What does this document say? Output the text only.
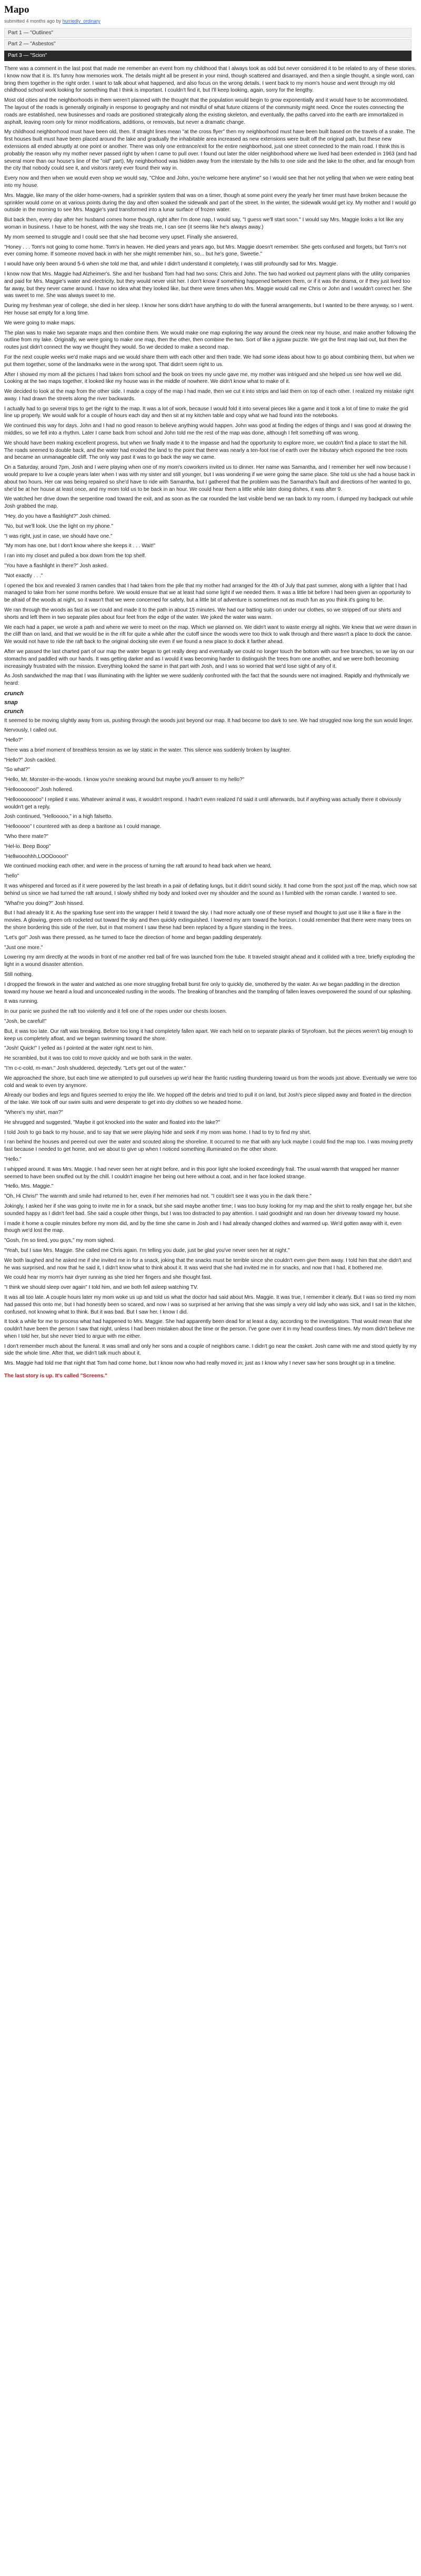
Mapo
submitted 4 months ago by hurriedly_ordinary
Part 1 — "Outlines"
Part 2 — "Asbestos"
Part 3 — "Scion"

There was a comment in the last post that made me remember an event from my childhood that I always took as odd but never considered it to be related to any of these stories. I know now that it is. It's funny how memories work. The details might all be present in your mind, though scattered and disarrayed, and then a single thought, a single word, can bring them together in the right order. I want to talk about what happened, and also focus on the wrong details. I went back to my mom's house and went through my old childhood school work looking for something that I think is important. I couldn't find it, but I'll keep looking, again, sorry for the lengthy.

Most old cities and the neighborhoods in them weren't planned with the thought that the population would begin to grow exponentially and it would have to be accommodated. The layout of the roads is generally originally in response to geography and not mindful of what future citizens of the community might need. Once the routes connecting the roads are established, new businesses and roads are positioned strategically along the existing skeleton, and eventually, the paths carved into the earth are immortalized in asphalt, leaving room only for minor modifications, additions, or removals, but never a dramatic change.

My childhood neighborhood must have been old, then. If straight lines mean "at the cross flyer" then my neighborhood must have been built based on the travels of a snake. The first houses built must have been placed around the lake and gradually the inhabitable area increased as new extensions were built off the original path, but these new extensions all ended abruptly at one point or another. There was only one entrance/exit for the entire neighborhood, just one street connected to the main road. I think this is probably the reason why my mother never passed right by when I came to pull over. I found out later the older neighborhood where we lived had been extended in 1963 (and had several more than our house's line of the "old" part). My neighborhood was hidden away from the interstate by the hills to one side and the lake to the other, and far enough from the city that nobody could see it, and visitors rarely ever found their way in.

Every now and then when we would even shop we would say, "Chloe and John, you're welcome here anytime" so I would see that her not yelling that when we were eating beat into my house.

Mrs. Maggie, like many of the older home-owners, had a sprinkler system that was on a timer, though at some point every the yearly her timer must have broken because the sprinkler would come on at various points during the day and often soaked the sidewalk and part of the street. In the winter, the sidewalk would get icy. My mother and I would go outside in the morning to see Mrs. Maggie's yard transformed into a lunar surface of frozen water.

But back then, every day after her husband comes home though, right after I'm done nap, I would say, "I guess we'll start soon." I would say Mrs. Maggie looks a lot like any woman in business. I have to be honest, with the way she treats me, I can see (it seems like he's always away.)

My mom seemed to struggle and I could see that she had become very upset. Finally she answered,

"Honey . . . Tom's not going to come home. Tom's in heaven. He died years and years ago, but Mrs. Maggie doesn't remember. She gets confused and forgets, but Tom's not ever coming home. If someone moved back in with her she might remember him, so... but he's gone, Sweetie."

I would have only been around 5-6 when she told me that, and while I didn't understand it completely, I was still profoundly sad for Mrs. Maggie.

I know now that Mrs. Maggie had Alzheimer's. She and her husband Tom had had two sons: Chris and John. The two had worked out payment plans with the utility companies and paid for Mrs. Maggie's water and electricity, but they would never visit her. I don't know if something happened between them, or if it was the drama, or if they just lived too far away, but they never came around. I have no idea what they looked like, but there were times when Mrs. Maggie would call me Chris or John and I wouldn't correct her. She was sweet to me. She was always sweet to me.

During my freshman year of college, she died in her sleep. I know her sons didn't have anything to do with the funeral arrangements, but I wanted to be there anyway, so I went. Her house sat empty for a long time.

We were going to make maps.

The plan was to make two separate maps and then combine them. We would make one map exploring the way around the creek near my house, and make another following the outline from my lake. Originally, we were going to make one map, then the other, then combine the two. Sort of like a jigsaw puzzle. We got the first map laid out, but then the routes just didn't connect the way we thought they would. So we decided to make a second map.

For the next couple weeks we'd make maps and we would share them with each other and then trade. We had some ideas about how to go about combining them, but when we put them together, some of the landmarks were in the wrong spot. That didn't seem right to us.

After I showed my mom all the pictures I had taken from school and the book on trees my uncle gave me, my mother was intrigued and she helped us see how well we did. Looking at the two maps together, it looked like my house was in the middle of nowhere. We didn't know what to make of it.

We decided to look at the map from the other side. I made a copy of the map I had made, then we cut it into strips and laid them on top of each other. I realized my mistake right away. I had drawn the streets along the river backwards.

I actually had to go several trips to get the right to the map. It was a lot of work, because I would fold it into several pieces like a game and it took a lot of time to make the grid line up properly. We would walk for a couple of hours each day and then sit at my kitchen table and copy what we had found into the notebooks.

We continued this way for days. John and I had no good reason to believe anything would happen. John was good at finding the edges of things and I was good at drawing the middles, so we fell into a rhythm. Later I came back from school and John told me the rest of the map was done, although I felt something off was wrong.

We should have been making excellent progress, but when we finally made it to the impasse and had the opportunity to explore more, we couldn't find a place to start the hill. The roads seemed to double back, and the water had eroded the land to the point that there was nearly a ten-foot rise of earth over the tributary which exposed the tree roots and became an unmanageable cliff. The only way past it was to go back the way we came.

On a Saturday, around 7pm, Josh and I were playing when one of my mom's coworkers invited us to dinner. Her name was Samantha, and I remember her well now because I would prepare to live a couple years later when I was with my sister and still younger, but I was wondering if we were going the same place. She told us she had a house back in about two hours. Her car was being repaired so she'd have to ride with Samantha, but I gathered that the problem was the Samantha's fault and directions of her wanted to go, she'd be at her house at least once, and my mom told us to be back in an hour. We could hear them a little while later doing dishes, it was after 9.

We watched her drive down the serpentine road toward the exit, and as soon as the car rounded the last visible bend we ran back to my room. I dumped my backpack out while Josh grabbed the map.

"Hey, do you have a flashlight?" Josh chimed.

"No, but we'll look. Use the light on my phone."

"I was right, just in case, we should have one."

"My mom has one, but I don't know where she keeps it . . . Wait!"

I ran into my closet and pulled a box down from the top shelf.

"You have a flashlight in there?" Josh asked.

"Not exactly . . ."

I opened the box and revealed 3 ramen candles that I had taken from the pile that my mother had arranged for the 4th of July that past summer, along with a lighter that I had managed to take from her some months before. We would ensure that we at least had some light if we needed them. It was a little bit before I had been given an opportunity to be afraid of the woods at night, so it wasn't that we were concerned for safety, but a little bit of adventure is sometimes not as much fun as you think it's going to be.

We ran through the woods as fast as we could and made it to the path in about 15 minutes. We had our batting suits on under our clothes, so we stripped off our shirts and shorts and left them in two separate piles about four feet from the edge of the water. We joked the water was warm.

We each had a paper, we wrote a path and where we were to meet on the map. Which we planned on. We didn't want to waste energy all nights. We knew that we were drawn in the cliff than on land, and that we would be in the rift for quite a while after the cutoff since the woods were too thick to walk through and there wasn't a place to dock the canoe. We would not have to ride the raft back to the original docking site even if we found a new place to dock it farther ahead.

After we passed the last charted part of our map the water began to get really deep and eventually we could no longer touch the bottom with our free branches, so we lay on our stomachs and paddled with our hands. It was getting darker and as I would it was becoming harder to distinguish the trees from one another, and we were both becoming increasingly frustrated with the mission. Everything looked the same in that part with Josh, and I was so worried that we'd lose sight of any of it.

As Josh sandwiched the map that I was illuminating with the lighter we were suddenly confronted with the fact that the sounds were not imagined. Rapidly and rhythmically we heard:

crunch

snap

crunch

It seemed to be moving slightly away from us, pushing through the woods just beyond our map. It had become too dark to see. We had struggled now long the sun would linger.

Nervously, I called out.

"Hello?"

There was a brief moment of breathless tension as we lay static in the water. This silence was suddenly broken by laughter.

"Hello?" Josh cackled.

"So what?"

"Hello, Mr. Monster-in-the-woods. I know you're sneaking around but maybe you'll answer to my hello?"

"Hellooooooo!" Josh hollered.

"Hellooooooooo" I replied it was. Whatever animal it was, it wouldn't respond. I hadn't even realized I'd said it until afterwards, but if anything was actually there it obviously wouldn't get a reply.

Josh continued, "Hellooooo," in a high falsetto.

"Hellooooo" I countered with as deep a baritone as I could manage.

"Who there mate?"

"Hel-lo. Beep Boop"

"Hellwooohhh,LOOOoooo!"

We continued mocking each other, and were in the process of turning the raft around to head back when we heard,

"hello"

It was whispered and forced as if it were powered by the last breath in a pair of deflating lungs, but it didn't sound sickly. It had come from the spot just off the map, which now sat behind us since we had turned the raft around, I slowly shifted my body and looked over my shoulder and the sound as I fumbled with the roman candle. I wanted to see.

"What're you doing?" Josh hissed.

But I had already lit it. As the sparking fuse sent into the wrapper I held it toward the sky. I had more actually one of these myself and thought to just use it like a flare in the movies. A glowing, green orb rocketed out toward the sky and then quickly extinguished. I lowered my arm toward the horizon. I could remember that there were many trees on the shore bordering this side of the river, but in that moment I saw these had been replaced by a figure standing in the trees.

"Let's go!" Josh was there pressed, as he turned to face the direction of home and began paddling desperately.

"Just one more."

Lowering my arm directly at the woods in front of me another red ball of fire was launched from the tube. It traveled straight ahead and it collided with a tree, briefly exploding the light in a wound disaster attention.

Still nothing.

I dropped the firework in the water and watched as one more struggling fireball burst fire only to quickly die, smothered by the water. As we began paddling in the direction toward my house we heard a loud and unconcealed rustling in the woods. The breaking of branches and the trampling of fallen leaves overpowered the sound of our splashing.

It was running.

In our panic we pushed the raft too violently and it fell one of the ropes under our chests loosen.

"Josh, be careful!"

But, it was too late. Our raft was breaking. Before too long it had completely fallen apart. We each held on to separate planks of Styrofoam, but the pieces weren't big enough to keep us completely afloat, and we began swimming toward the shore.

"Josh! Quick!" I yelled as I pointed at the water right next to him.

He scrambled, but it was too cold to move quickly and we both sank in the water.

"I'm c-c-cold, m-man." Josh shuddered, dejectedly. "Let's get out of the water."

We approached the shore, but each time we attempted to pull ourselves up we'd hear the frantic rustling thundering toward us from the woods just above. Eventually we were too cold and weak to even try anymore.

Already our bodies and legs and figures seemed to enjoy the life. We hopped off the debris and tried to pull it on land, but Josh's piece slipped away and floated in the direction of the lake. We took off our swim suits and were desperate to get into dry clothes so we headed home.

"Where's my shirt, man?"

He shrugged and suggested, "Maybe it got knocked into the water and floated into the lake?"

I told Josh to go back to my house, and to say that we were playing hide and seek if my mom was home. I had to try to find my shirt.

I ran behind the houses and peered out over the water and scouted along the shoreline. It occurred to me that with any luck maybe I could find the map too. I was moving pretty fast because I needed to get home, and we about to give up when I noticed something illuminated on the other shore.

"Hello."

I whipped around. It was Mrs. Maggie. I had never seen her at night before, and in this poor light she looked exceedingly frail. The usual warmth that wrapped her manner seemed to have been snuffed out by the chill. I couldn't imagine her being out here without a coat, and in her face looked strange.

"Hello, Mrs. Maggie."

"Oh, Hi Chris!" The warmth and smile had returned to her, even if her memories had not. "I couldn't see it was you in the dark there."

Jokingly, I asked her if she was going to invite me in for a snack, but she said maybe another time; I was too busy looking for my map and the shirt to really engage her, but she sounded happy as I didn't feel bad. She said a couple other things, but I was too distracted to pay attention. I said goodnight and ran down her driveway toward my house.

I made it home a couple minutes before my mom did, and by the time she came in Josh and I had already changed clothes and warmed up. We'd gotten away with it, even though we'd lost the map.

"Gosh, I'm so tired, you guys," my mom sighed.

"Yeah, but I saw Mrs. Maggie. She called me Chris again. I'm telling you dude, just be glad you've never seen her at night."

We both laughed and he asked me if she invited me in for a snack, joking that the snacks must be terrible since she couldn't even give them away. I told him that she didn't and he was surprised, and now that he said it, I didn't know what to think about it. It was weird that she had invited me in for snacks, and now that I had, it bothered me.

We could hear my mom's hair dryer running as she tried her fingers and she thought fast.

"I think we should sleep over again" I told him, and we both fell asleep watching TV.

It was all too late. A couple hours later my mom woke us up and told us what the doctor had said about Mrs. Maggie. It was true, I remember it clearly. But I was so tired my mom had passed this onto me, but I had honestly been so scared, and now I was so surprised at her arriving that she was simply a very old lady who was sick, and I sat in the kitchen, confused, not knowing what to think. But it was bad. But I saw her. I know I did.

It took a while for me to process what had happened to Mrs. Maggie. She had apparently been dead for at least a day, according to the investigators. That would mean that she couldn't have been the person I saw that night, unless I had been mistaken about the time or the person. I've gone over it in my head countless times. My mom didn't believe me when I told her, but she never tried to argue with me either.

I don't remember much about the funeral. It was small and only her sons and a couple of neighbors came. I didn't go near the casket. Josh came with me and stood quietly by my side the whole time. After that, we didn't talk much about it.

Mrs. Maggie had told me that night that Tom had come home, but I know now who had really moved in; just as I know why I never saw her sons brought up in a timeline.

The last story is up. It's called "Screens."
